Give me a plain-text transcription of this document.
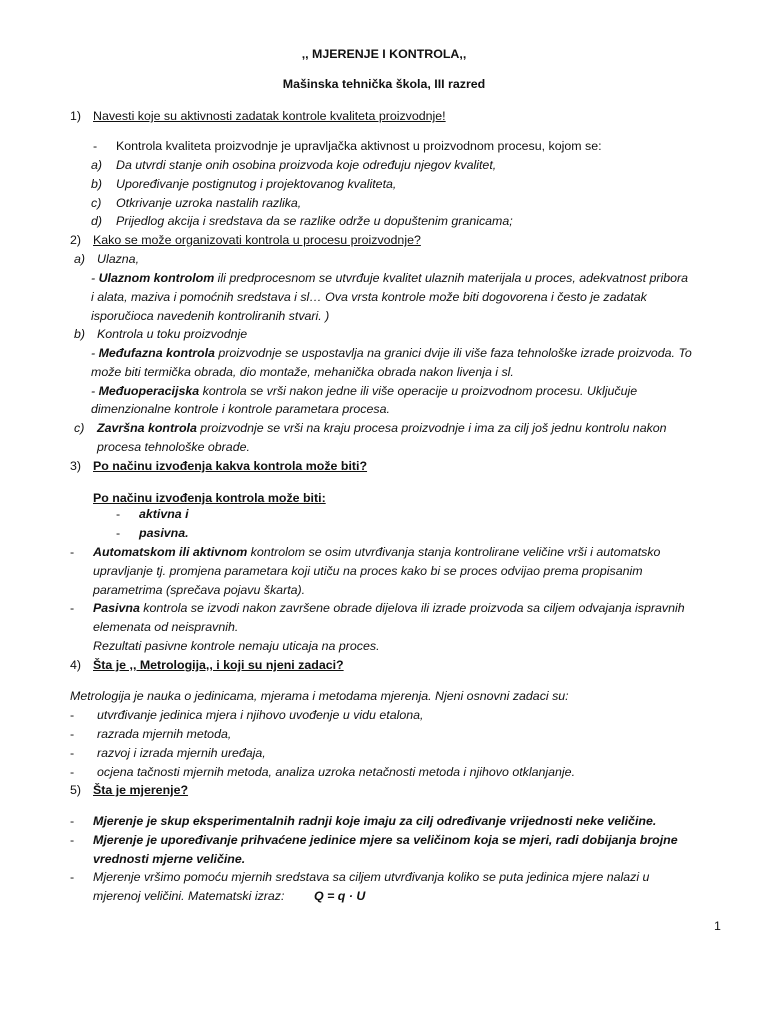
,, MJERENJE I KONTROLA,,
Mašinska tehnička škola, III razred
1) Navesti koje su aktivnosti zadatak kontrole kvaliteta proizvodnje!
- Kontrola kvaliteta proizvodnje je upravljačka aktivnost u proizvodnom procesu, kojom se:
a) Da utvrdi stanje onih osobina proizvoda koje određuju njegov kvalitet,
b) Upoređivanje postignutog i projektovanog kvaliteta,
c) Otkrivanje uzroka nastalih razlika,
d) Prijedlog akcija i sredstava da se razlike održe u dopuštenim granicama;
2) Kako se može organizovati kontrola u procesu proizvodnje?
a) Ulazna,
- Ulaznom kontrolom ili predprocesnom se utvrđuje kvalitet ulaznih materijala u proces, adekvatnost pribora
i alata, maziva i pomoćnih sredstava i sl… Ova vrsta kontrole može biti dogovorena i često je zadatak
isporučioca navedenih kontroliranih stvari. )
b) Kontrola u toku proizvodnje
- Međufazna kontrola proizvodnje se uspostavlja na granici dvije ili više faza tehnološke izrade proizvoda. To
može biti termička obrada, dio montaže, mehanička obrada nakon livenja i sl.
- Međuoperacijska kontrola se vrši nakon jedne ili više operacije u proizvodnom procesu. Uključuje
dimenzionalne kontrole i kontrole parametara procesa.
c) Završna kontrola proizvodnje se vrši na kraju procesa proizvodnje i ima za cilj još jednu kontrolu nakon
procesa tehnološke obrade.
3) Po načinu izvođenja kakva kontrola može biti?
Po načinu izvođenja kontrola može biti:
- aktivna i
- pasivna.
- Automatskom ili aktivnom kontrolom se osim utvrđivanja stanja kontrolirane veličine vrši i automatsko
upravljanje tj. promjena parametara koji utiču na proces kako bi se proces odvijao prema propisanim
parametrima (sprečava pojavu škarta).
- Pasivna kontrola se izvodi nakon završene obrade dijelova ili izrade proizvoda sa ciljem odvajanja ispravnih
elemenata od neispravnih.
Rezultati pasivne kontrole nemaju uticaja na proces.
4) Šta je ,, Metrologija,, i koji su njeni zadaci?
Metrologija je nauka o jedinicama, mjerama i metodama mjerenja. Njeni osnovni zadaci su:
- utvrđivanje jedinica mjera i njihovo uvođenje u vidu etalona,
- razrada mjernih metoda,
- razvoj i izrada mjernih uređaja,
- ocjena tačnosti mjernih metoda, analiza uzroka netačnosti metoda i njihovo otklanjanje.
5) Šta je mjerenje?
- Mjerenje je skup eksperimentalnih radnji koje imaju za cilj određivanje vrijednosti neke veličine.
- Mjerenje je upoređivanje prihvaćene jedinice mjere sa veličinom koja se mjeri, radi dobijanja brojne
vrednosti mjerne veličine.
- Mjerenje vršimo pomoću mjernih sredstava sa ciljem utvrđivanja koliko se puta jedinica mjere nalazi u
mjerenoj veličini. Matematski izraz: Q = q · U
1
